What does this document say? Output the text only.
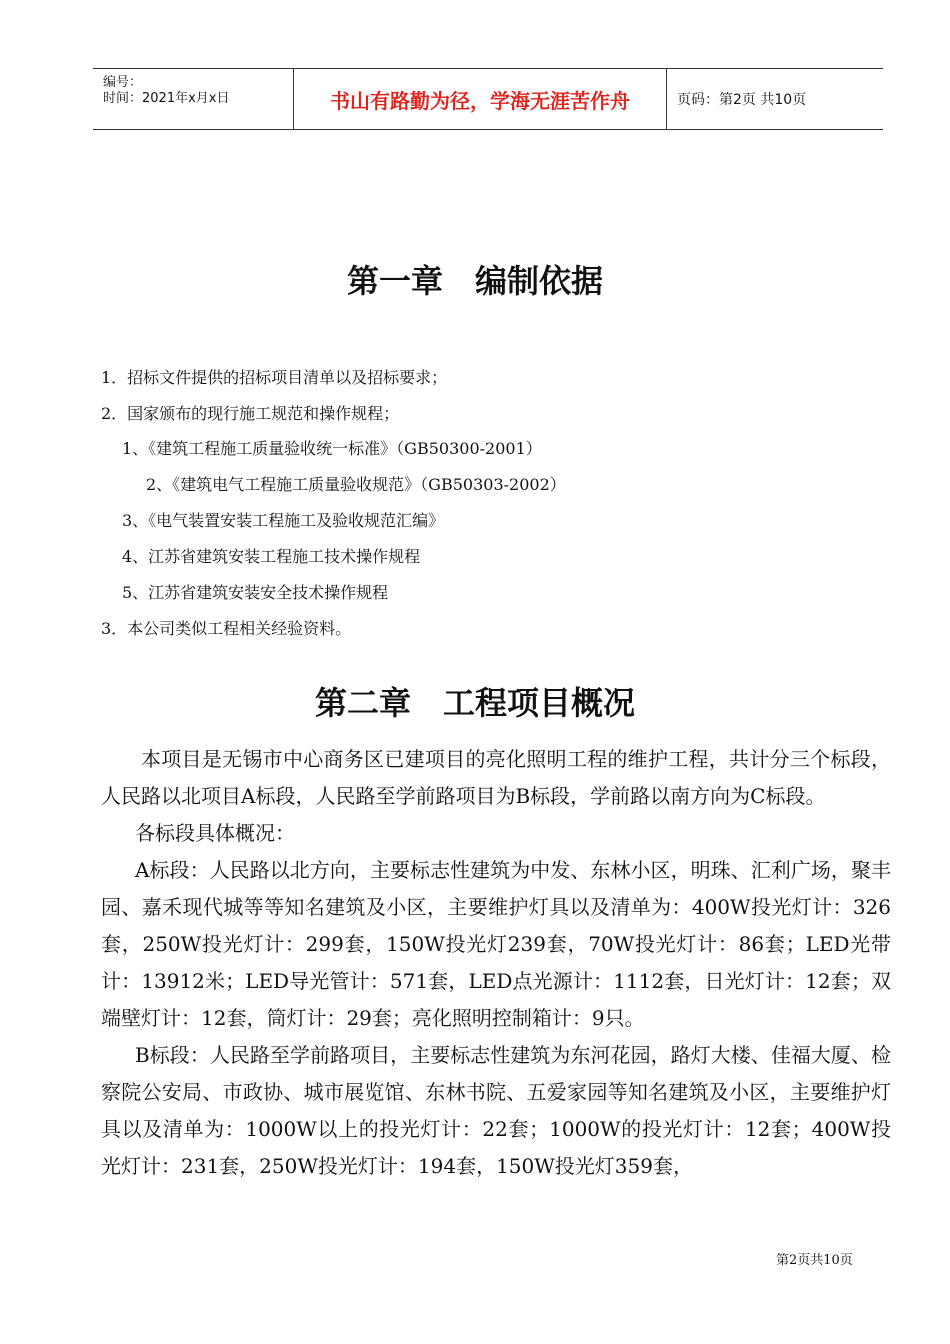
编号：
时间：2021年x月x日	书山有路勤为径，学海无涯苦作舟	页码：第2页 共10页
第一章　编制依据
1．招标文件提供的招标项目清单以及招标要求；
2．国家颁布的现行施工规范和操作规程；
1、《建筑工程施工质量验收统一标准》（GB50300-2001）
2、《建筑电气工程施工质量验收规范》（GB50303-2002）
3、《电气装置安装工程施工及验收规范汇编》
4、江苏省建筑安装工程施工技术操作规程
5、江苏省建筑安装安全技术操作规程
3．本公司类似工程相关经验资料。
第二章　工程项目概况

本项目是无锡市中心商务区已建项目的亮化照明工程的维护工程，共计分三个标段，人民路以北项目A标段，人民路至学前路项目为B标段，学前路以南方向为C标段。

各标段具体概况：

A标段：人民路以北方向，主要标志性建筑为中发、东林小区，明珠、汇利广场，聚丰园、嘉禾现代城等等知名建筑及小区，主要维护灯具以及清单为：400W投光灯计：326套，250W投光灯计：299套，150W投光灯239套，70W投光灯计：86套；LED光带计：13912米；LED导光管计：571套，LED点光源计：1112套，日光灯计：12套；双端壁灯计：12套，筒灯计：29套；亮化照明控制箱计：9只。

B标段：人民路至学前路项目，主要标志性建筑为东河花园，路灯大楼、佳福大厦、检察院公安局、市政协、城市展览馆、东林书院、五爱家园等知名建筑及小区，主要维护灯具以及清单为：1000W以上的投光灯计：22套；1000W的投光灯计：12套；400W投光灯计：231套，250W投光灯计：194套，150W投光灯359套，

第2页共10页
